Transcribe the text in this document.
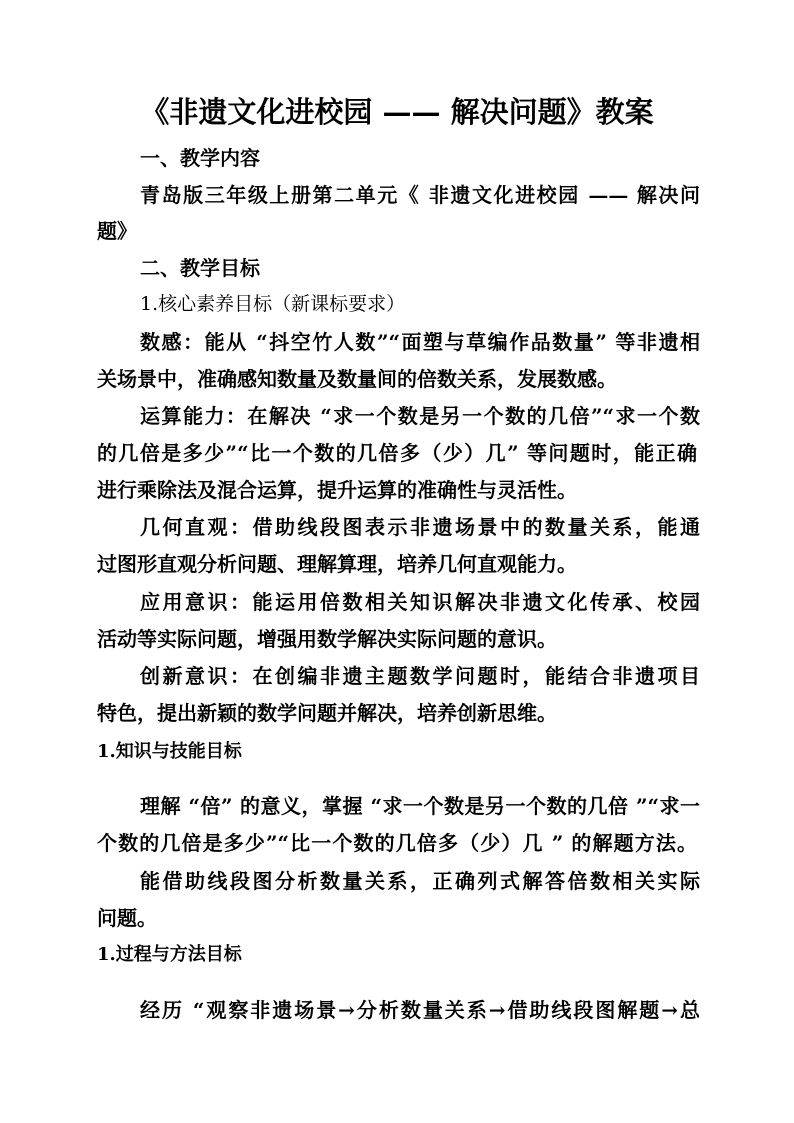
《非遗文化进校园 —— 解决问题》教案
一、教学内容
青岛版三年级上册第二单元《 非遗文化进校园 —— 解决问
题》
二、教学目标
1.核心素养目标（新课标要求）
数感：能从 “抖空竹人数”“面塑与草编作品数量” 等非遗相
关场景中，准确感知数量及数量间的倍数关系，发展数感。
运算能力：在解决 “求一个数是另一个数的几倍”“求一个数
的几倍是多少”“比一个数的几倍多（少）几” 等问题时，能正确
进行乘除法及混合运算，提升运算的准确性与灵活性。
几何直观：借助线段图表示非遗场景中的数量关系，能通
过图形直观分析问题、理解算理，培养几何直观能力。
应用意识：能运用倍数相关知识解决非遗文化传承、校园
活动等实际问题，增强用数学解决实际问题的意识。
创新意识：在创编非遗主题数学问题时，能结合非遗项目
特色，提出新颖的数学问题并解决，培养创新思维。
1.知识与技能目标
理解 “倍” 的意义，掌握 “求一个数是另一个数的几倍 ”“求一
个数的几倍是多少”“比一个数的几倍多（少）几 ” 的解题方法。
能借助线段图分析数量关系，正确列式解答倍数相关实际
问题。
1.过程与方法目标
经历 “观察非遗场景→分析数量关系→借助线段图解题→总
